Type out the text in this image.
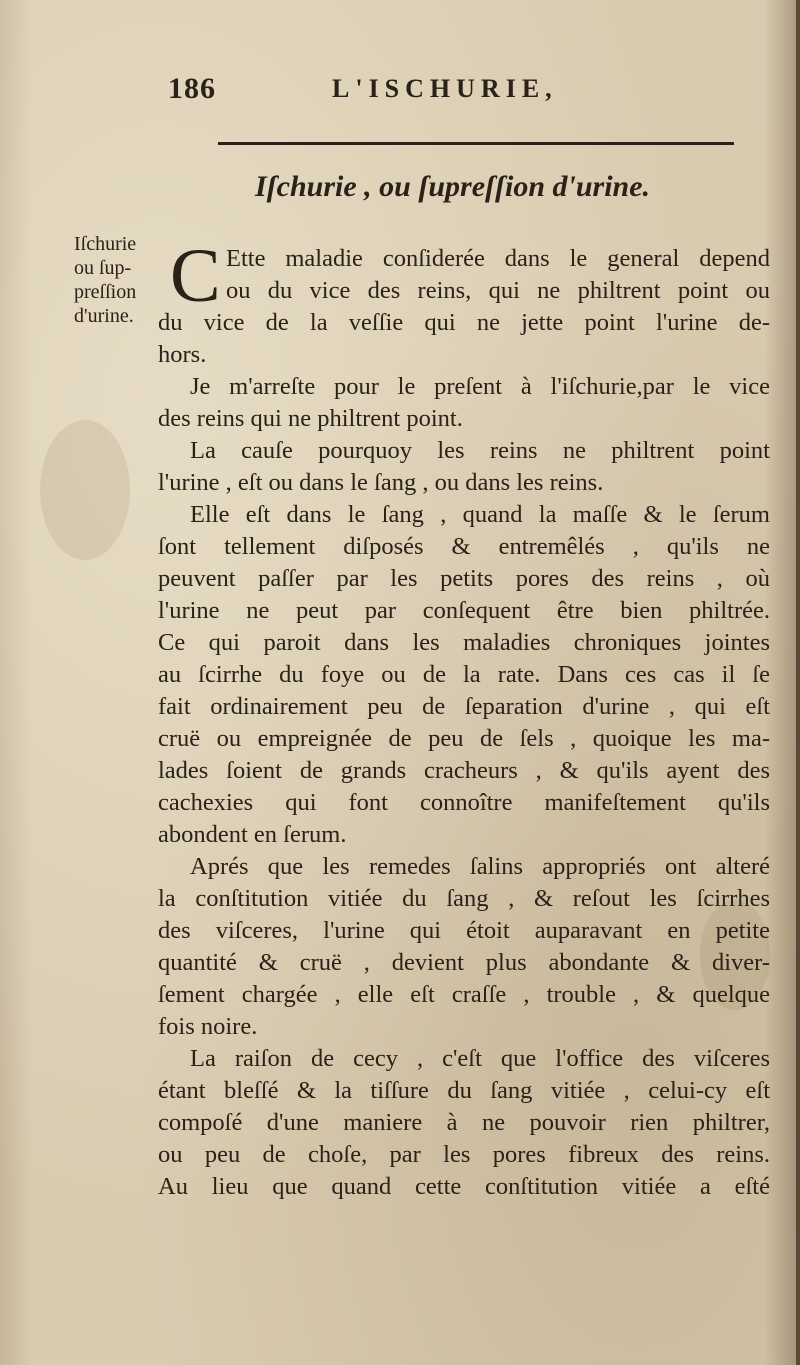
186	L'ISCHURIE,
Iſchurie , ou ſupreſſion d'urine.
Iſchurie
ou ſup-
preſſion
d'urine. C Ette maladie conſiderée dans le general depend
ou du vice des reins, qui ne philtrent point ou
du vice de la veſſie qui ne jette point l'urine de-
hors.
Je m'arreſte pour le preſent à l'iſchurie,par le vice
des reins qui ne philtrent point.
La cauſe pourquoy les reins ne philtrent point
l'urine , eſt ou dans le ſang , ou dans les reins.
Elle eſt dans le ſang , quand la maſſe & le ſerum
ſont tellement diſposés & entremêlés , qu'ils ne
peuvent paſſer par les petits pores des reins , où
l'urine ne peut par conſequent être bien philtrée.
Ce qui paroit dans les maladies chroniques jointes
au ſcirrhe du foye ou de la rate. Dans ces cas il ſe
fait ordinairement peu de ſeparation d'urine , qui eſt
cruë ou empreignée de peu de ſels , quoique les ma-
lades ſoient de grands cracheurs , & qu'ils ayent des
cachexies qui font connoître manifeſtement qu'ils
abondent en ſerum.
Aprés que les remedes ſalins appropriés ont alteré
la conſtitution vitiée du ſang , & reſout les ſcirrhes
des viſceres, l'urine qui étoit auparavant en petite
quantité & cruë , devient plus abondante & diver-
ſement chargée , elle eſt craſſe , trouble , & quelque
fois noire.
La raiſon de cecy , c'eſt que l'office des viſceres
étant bleſſé & la tiſſure du ſang vitiée , celui-cy eſt
compoſé d'une maniere à ne pouvoir rien philtrer,
ou peu de choſe, par les pores fibreux des reins.
Au lieu que quand cette conſtitution vitiée a eſté
